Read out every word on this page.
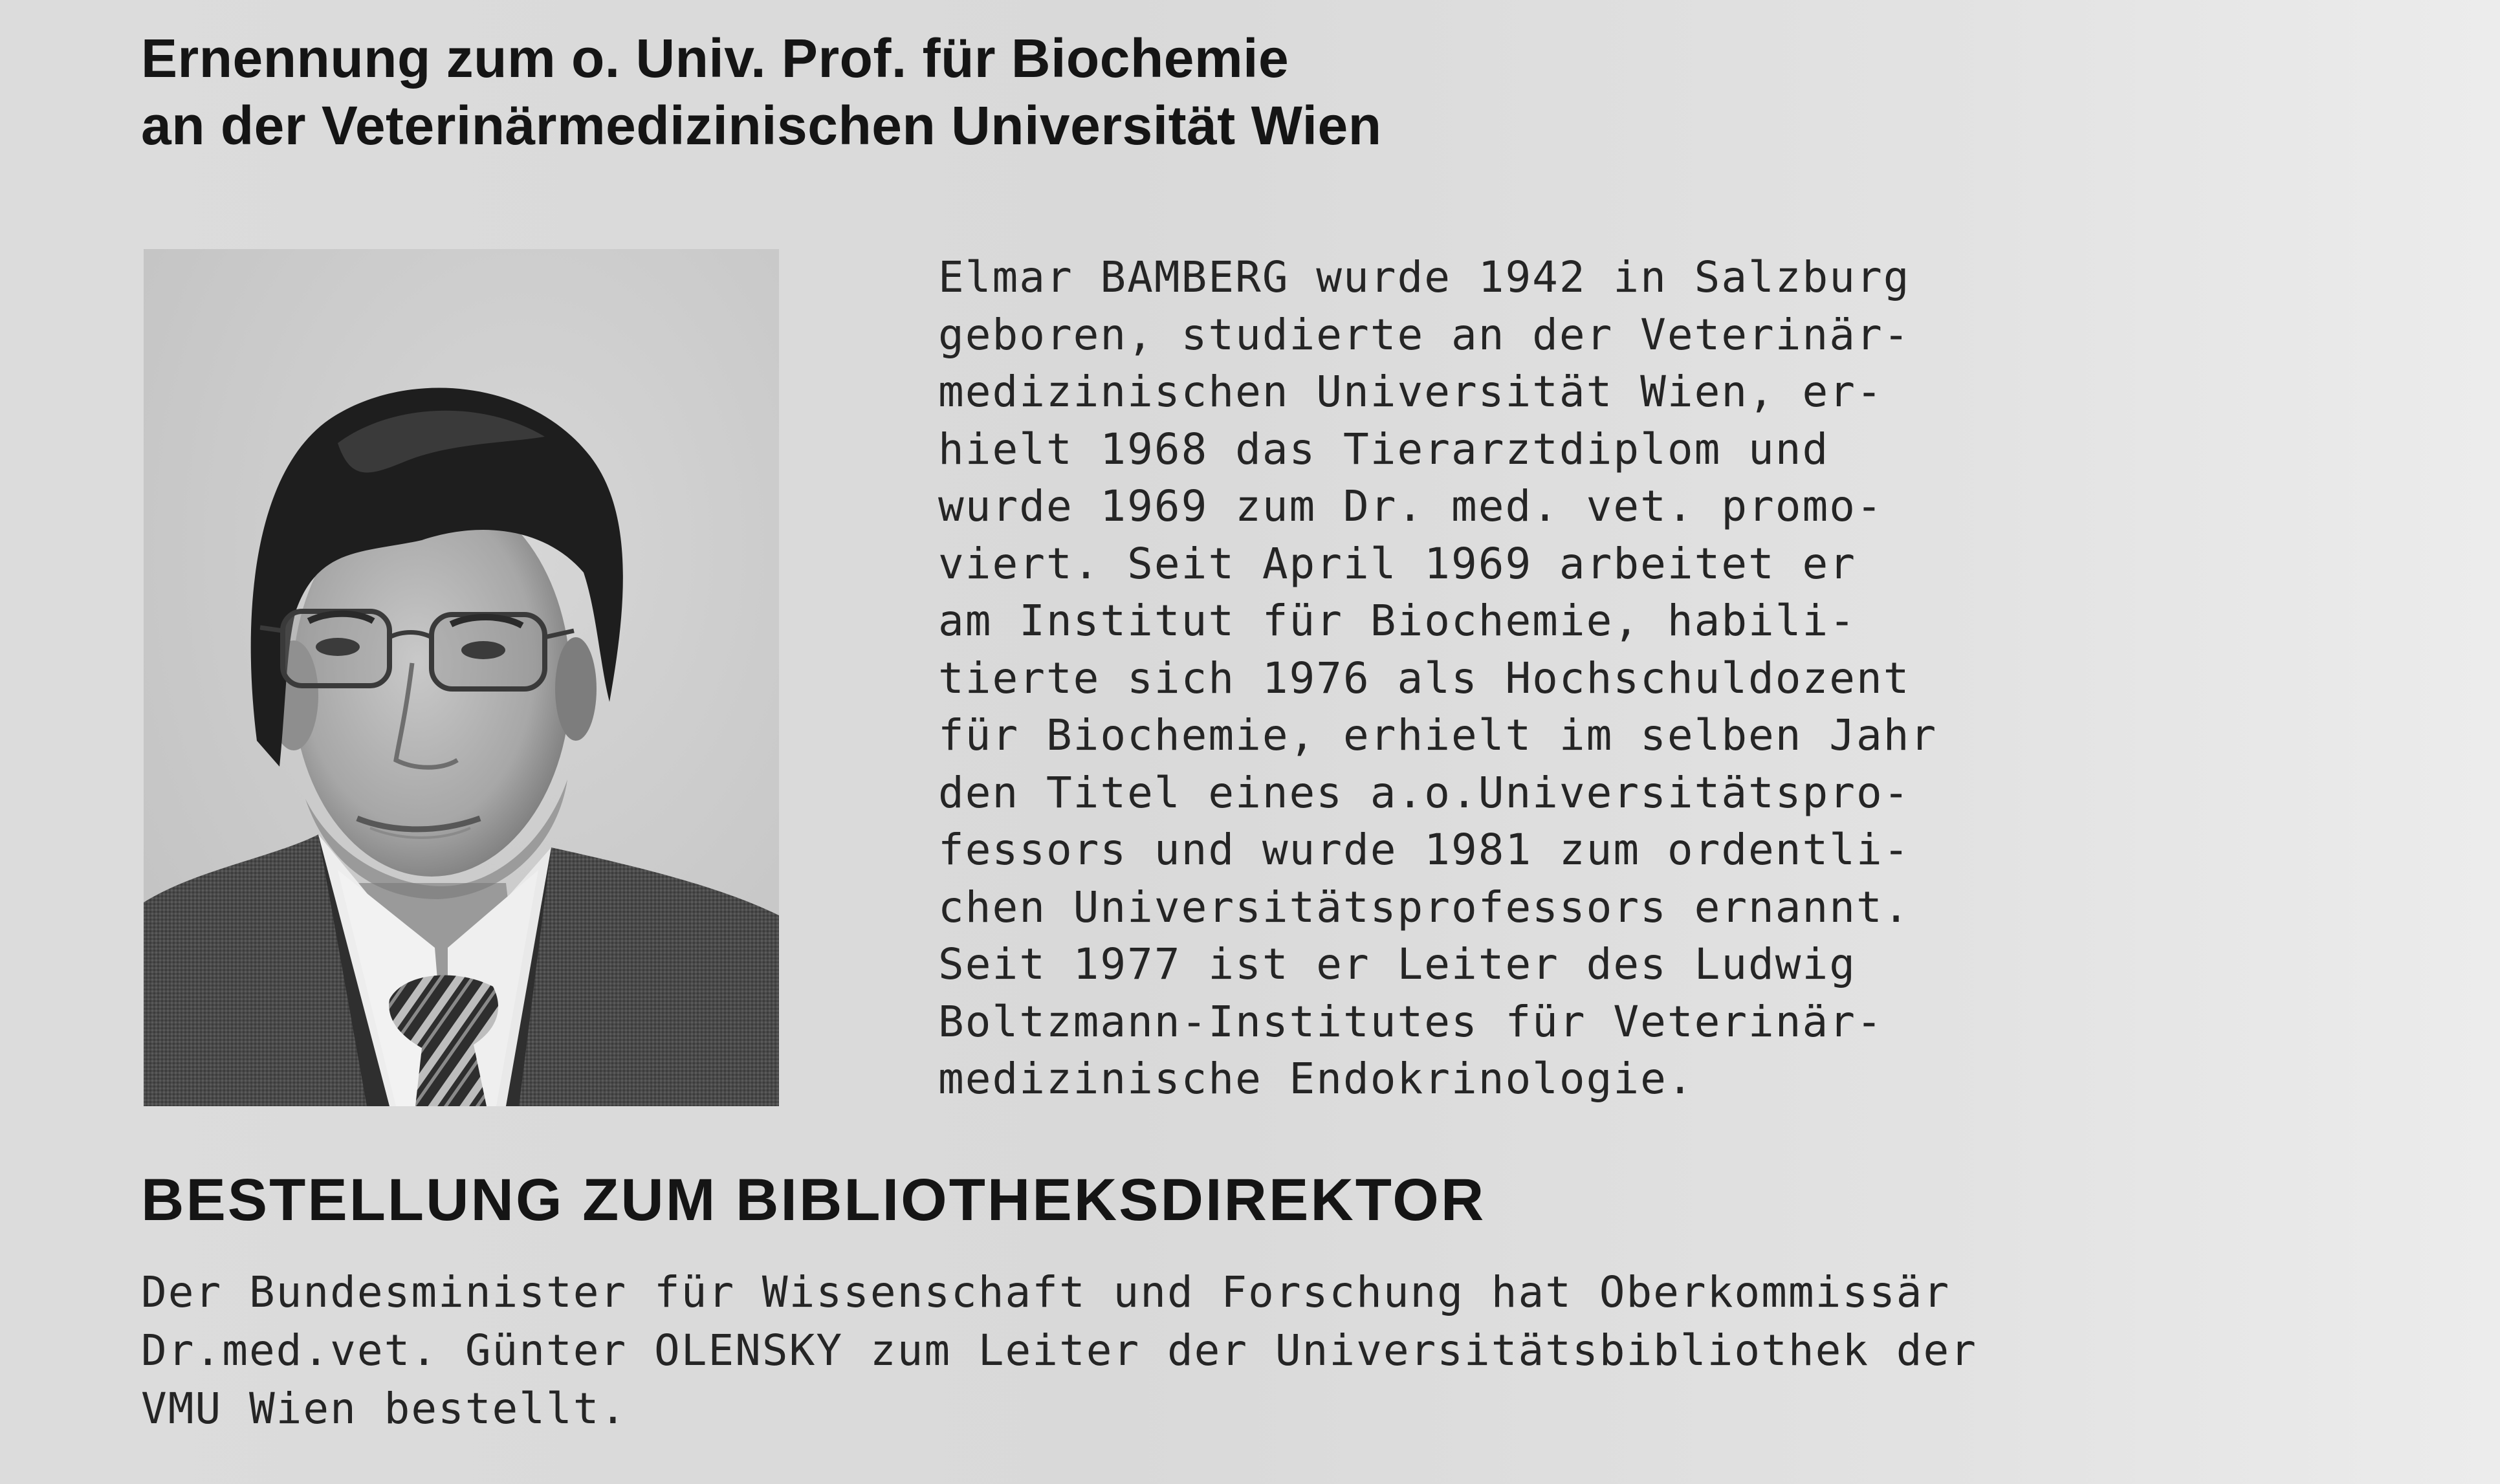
Ernennung zum o. Univ. Prof. für Biochemie
an der Veterinärmedizinischen Universität Wien
Elmar BAMBERG wurde 1942 in Salzburg
geboren, studierte an der Veterinär-
medizinischen Universität Wien, er-
hielt 1968 das Tierarztdiplom und
wurde 1969 zum Dr. med. vet. promo-
viert. Seit April 1969 arbeitet er
am Institut für Biochemie, habili-
tierte sich 1976 als Hochschuldozent
für Biochemie, erhielt im selben Jahr
den Titel eines a.o.Universitätspro-
fessors und wurde 1981 zum ordentli-
chen Universitätsprofessors ernannt.
Seit 1977 ist er Leiter des Ludwig
Boltzmann-Institutes für Veterinär-
medizinische Endokrinologie.
BESTELLUNG ZUM BIBLIOTHEKSDIREKTOR
Der Bundesminister für Wissenschaft und Forschung hat Oberkommissär
Dr.med.vet. Günter OLENSKY zum Leiter der Universitätsbibliothek der
VMU Wien bestellt.
